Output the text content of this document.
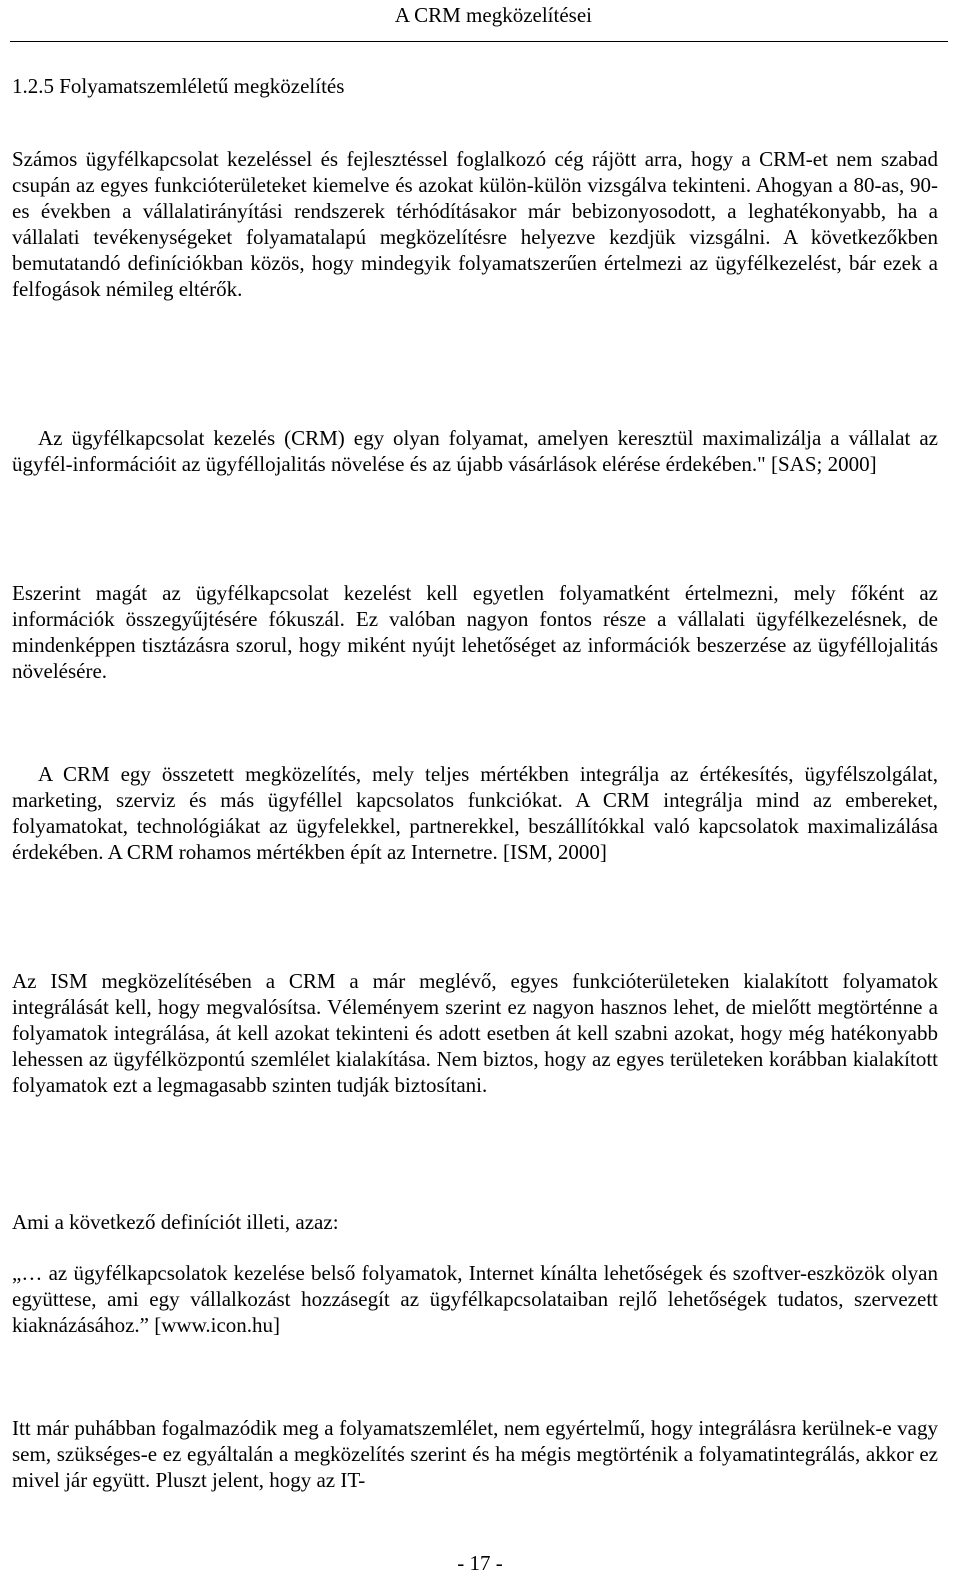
A CRM megközelítései
1.2.5 Folyamatszemléletű megközelítés

Számos ügyfélkapcsolat kezeléssel és fejlesztéssel foglalkozó cég rájött arra, hogy a CRM-et nem szabad csupán az egyes funkcióterületeket kiemelve és azokat külön-külön vizsgálva tekinteni. Ahogyan a 80-as, 90-es években a vállalatirányítási rendszerek térhódításakor már bebizonyosodott, a leghatékonyabb, ha a vállalati tevékenységeket folyamatalapú megközelítésre helyezve kezdjük vizsgálni. A következőkben bemutatandó definíciókban közös, hogy mindegyik folyamatszerűen értelmezi az ügyfélkezelést, bár ezek a felfogások némileg eltérők.

Az ügyfélkapcsolat kezelés (CRM) egy olyan folyamat, amelyen keresztül maximalizálja a vállalat az ügyfél-információit az ügyféllojalitás növelése és az újabb vásárlások elérése érdekében." [SAS; 2000]

Eszerint magát az ügyfélkapcsolat kezelést kell egyetlen folyamatként értelmezni, mely főként az információk összegyűjtésére fókuszál. Ez valóban nagyon fontos része a vállalati ügyfélkezelésnek, de mindenképpen tisztázásra szorul, hogy miként nyújt lehetőséget az információk beszerzése az ügyféllojalitás növelésére.

A CRM egy összetett megközelítés, mely teljes mértékben integrálja az értékesítés, ügyfélszolgálat, marketing, szerviz és más ügyféllel kapcsolatos funkciókat. A CRM integrálja mind az embereket, folyamatokat, technológiákat az ügyfelekkel, partnerekkel, beszállítókkal való kapcsolatok maximalizálása érdekében. A CRM rohamos mértékben épít az Internetre. [ISM, 2000]

Az ISM megközelítésében a CRM a már meglévő, egyes funkcióterületeken kialakított folyamatok integrálását kell, hogy megvalósítsa. Véleményem szerint ez nagyon hasznos lehet, de mielőtt megtörténne a folyamatok integrálása, át kell azokat tekinteni és adott esetben át kell szabni azokat, hogy még hatékonyabb lehessen az ügyfélközpontú szemlélet kialakítása. Nem biztos, hogy az egyes területeken korábban kialakított folyamatok ezt a legmagasabb szinten tudják biztosítani.

Ami a következő definíciót illeti, azaz:

„… az ügyfélkapcsolatok kezelése belső folyamatok, Internet kínálta lehetőségek és szoftver-eszközök olyan együttese, ami egy vállalkozást hozzásegít az ügyfélkapcsolataiban rejlő lehetőségek tudatos, szervezett kiaknázásához.” [www.icon.hu]

Itt már puhábban fogalmazódik meg a folyamatszemlélet, nem egyértelmű, hogy integrálásra kerülnek-e vagy sem, szükséges-e ez egyáltalán a megközelítés szerint és ha mégis megtörténik a folyamatintegrálás, akkor ez mivel jár együtt. Pluszt jelent, hogy az IT-

- 17 -
